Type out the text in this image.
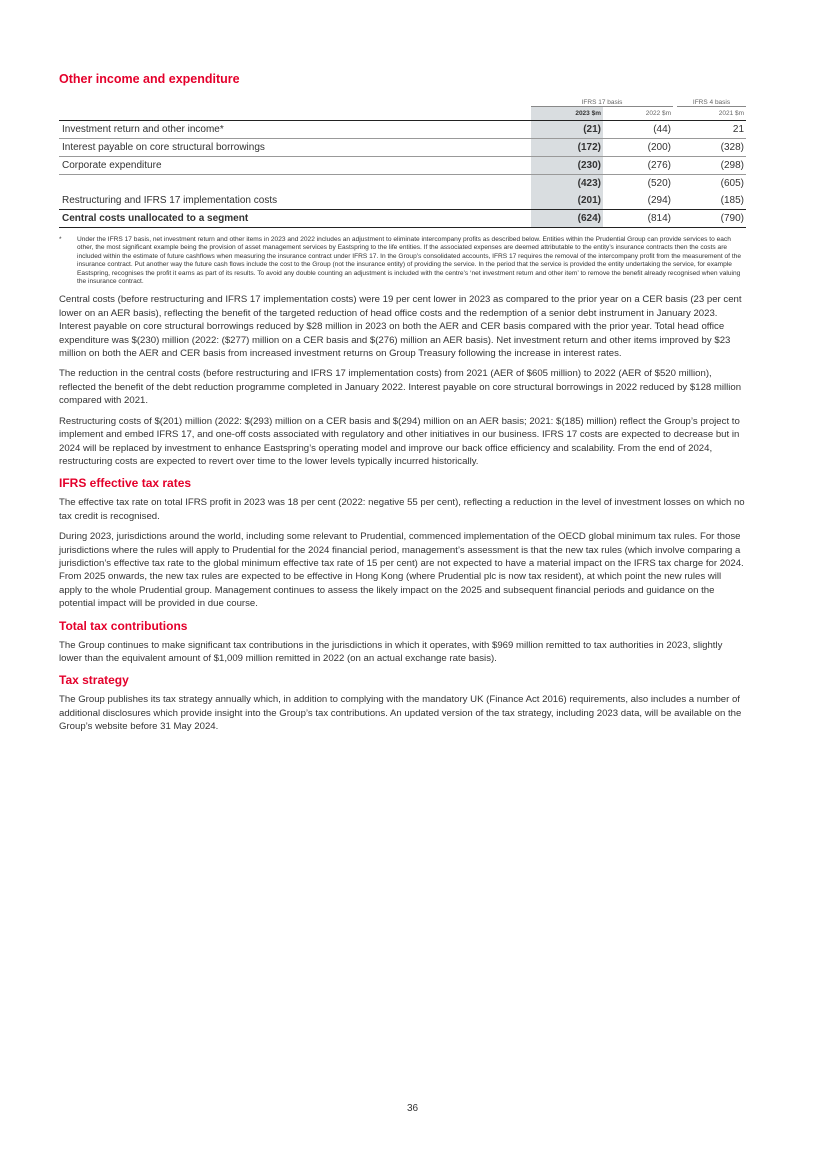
Other income and expenditure
	IFRS 17 basis			IFRS 4 basis
	2023 $m	2022 $m		2021 $m
Investment return and other income*	(21)	(44)		21
Interest payable on core structural borrowings	(172)	(200)		(328)
Corporate expenditure	(230)	(276)		(298)
	(423)	(520)		(605)
Restructuring and IFRS 17 implementation costs	(201)	(294)		(185)
Central costs unallocated to a segment	(624)	(814)		(790)
* Under the IFRS 17 basis, net investment return and other items in 2023 and 2022 includes an adjustment to eliminate intercompany profits as described below. Entities within the Prudential Group can provide services to each other, the most significant example being the provision of asset management services by Eastspring to the life entities. If the associated expenses are deemed attributable to the entity’s insurance contracts then the costs are included within the estimate of future cashflows when measuring the insurance contract under IFRS 17. In the Group’s consolidated accounts, IFRS 17 requires the removal of the intercompany profit from the measurement of the insurance contract. Put another way the future cash flows include the cost to the Group (not the insurance entity) of providing the service. In the period that the service is provided the entity undertaking the service, for example Eastspring, recognises the profit it earns as part of its results. To avoid any double counting an adjustment is included with the centre’s ‘net investment return and other item’ to remove the benefit already recognised when valuing the insurance contract.

Central costs (before restructuring and IFRS 17 implementation costs) were 19 per cent lower in 2023 as compared to the prior year on a CER basis (23 per cent lower on an AER basis), reflecting the benefit of the targeted reduction of head office costs and the redemption of a senior debt instrument in January 2023. Interest payable on core structural borrowings reduced by $28 million in 2023 on both the AER and CER basis compared with the prior year. Total head office expenditure was $(230) million (2022: ($277) million on a CER basis and $(276) million an AER basis). Net investment return and other items improved by $23 million on both the AER and CER basis from increased investment returns on Group Treasury following the increase in interest rates.

The reduction in the central costs (before restructuring and IFRS 17 implementation costs) from 2021 (AER of $605 million) to 2022 (AER of $520 million), reflected the benefit of the debt reduction programme completed in January 2022. Interest payable on core structural borrowings in 2022 reduced by $128 million compared with 2021.

Restructuring costs of $(201) million (2022: $(293) million on a CER basis and $(294) million on an AER basis; 2021: $(185) million) reflect the Group’s project to implement and embed IFRS 17, and one-off costs associated with regulatory and other initiatives in our business. IFRS 17 costs are expected to decrease but in 2024 will be replaced by investment to enhance Eastspring’s operating model and improve our back office efficiency and scalability. From the end of 2024, restructuring costs are expected to revert over time to the lower levels typically incurred historically.

IFRS effective tax rates

The effective tax rate on total IFRS profit in 2023 was 18 per cent (2022: negative 55 per cent), reflecting a reduction in the level of investment losses on which no tax credit is recognised.

During 2023, jurisdictions around the world, including some relevant to Prudential, commenced implementation of the OECD global minimum tax rules. For those jurisdictions where the rules will apply to Prudential for the 2024 financial period, management’s assessment is that the new tax rules (which involve comparing a jurisdiction’s effective tax rate to the global minimum effective tax rate of 15 per cent) are not expected to have a material impact on the IFRS tax charge for 2024. From 2025 onwards, the new tax rules are expected to be effective in Hong Kong (where Prudential plc is now tax resident), at which point the new rules will apply to the whole Prudential group. Management continues to assess the likely impact on the 2025 and subsequent financial periods and guidance on the potential impact will be provided in due course.

Total tax contributions

The Group continues to make significant tax contributions in the jurisdictions in which it operates, with $969 million remitted to tax authorities in 2023, slightly lower than the equivalent amount of $1,009 million remitted in 2022 (on an actual exchange rate basis).

Tax strategy

The Group publishes its tax strategy annually which, in addition to complying with the mandatory UK (Finance Act 2016) requirements, also includes a number of additional disclosures which provide insight into the Group’s tax contributions. An updated version of the tax strategy, including 2023 data, will be available on the Group’s website before 31 May 2024.

36
